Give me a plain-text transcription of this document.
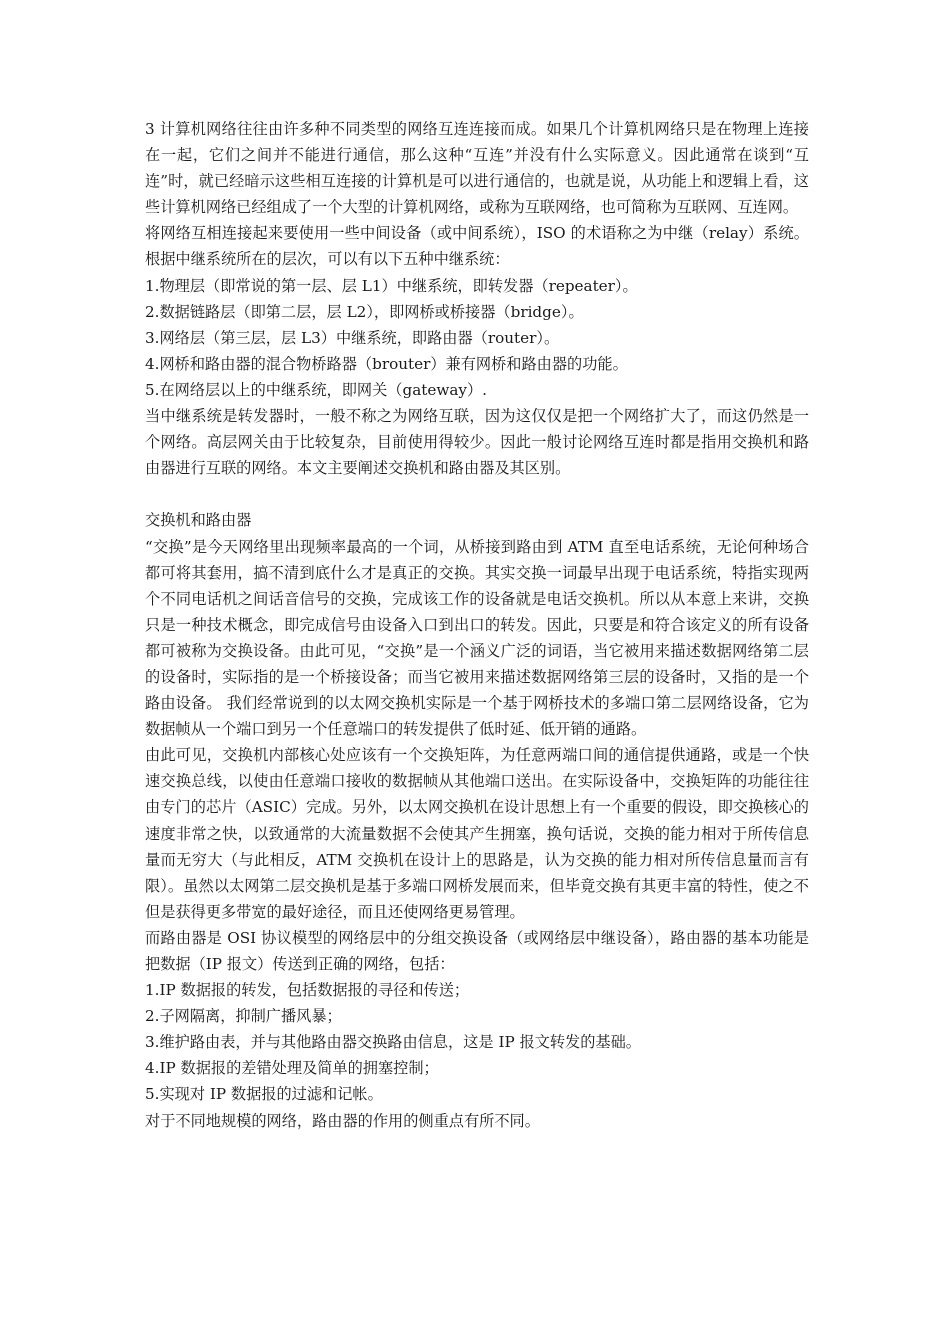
3 计算机网络往往由许多种不同类型的网络互连连接而成。如果几个计算机网络只是在物理上连接在一起，它们之间并不能进行通信，那么这种“互连”并没有什么实际意义。因此通常在谈到“互连”时，就已经暗示这些相互连接的计算机是可以进行通信的，也就是说，从功能上和逻辑上看，这些计算机网络已经组成了一个大型的计算机网络，或称为互联网络，也可简称为互联网、互连网。

将网络互相连接起来要使用一些中间设备（或中间系统），ISO 的术语称之为中继（relay）系统。根据中继系统所在的层次，可以有以下五种中继系统：

1.物理层（即常说的第一层、层 L1）中继系统，即转发器（repeater）。

2.数据链路层（即第二层，层 L2），即网桥或桥接器（bridge）。

3.网络层（第三层，层 L3）中继系统，即路由器（router）。

4.网桥和路由器的混合物桥路器（brouter）兼有网桥和路由器的功能。

5.在网络层以上的中继系统，即网关（gateway）.

当中继系统是转发器时，一般不称之为网络互联，因为这仅仅是把一个网络扩大了，而这仍然是一个网络。高层网关由于比较复杂，目前使用得较少。因此一般讨论网络互连时都是指用交换机和路由器进行互联的网络。本文主要阐述交换机和路由器及其区别。

交换机和路由器

“交换”是今天网络里出现频率最高的一个词，从桥接到路由到 ATM 直至电话系统，无论何种场合都可将其套用，搞不清到底什么才是真正的交换。其实交换一词最早出现于电话系统，特指实现两个不同电话机之间话音信号的交换，完成该工作的设备就是电话交换机。所以从本意上来讲，交换只是一种技术概念，即完成信号由设备入口到出口的转发。因此，只要是和符合该定义的所有设备都可被称为交换设备。由此可见，“交换”是一个涵义广泛的词语，当它被用来描述数据网络第二层的设备时，实际指的是一个桥接设备；而当它被用来描述数据网络第三层的设备时，又指的是一个路由设备。 我们经常说到的以太网交换机实际是一个基于网桥技术的多端口第二层网络设备，它为数据帧从一个端口到另一个任意端口的转发提供了低时延、低开销的通路。

由此可见，交换机内部核心处应该有一个交换矩阵，为任意两端口间的通信提供通路，或是一个快速交换总线，以使由任意端口接收的数据帧从其他端口送出。在实际设备中，交换矩阵的功能往往由专门的芯片（ASIC）完成。另外，以太网交换机在设计思想上有一个重要的假设，即交换核心的速度非常之快，以致通常的大流量数据不会使其产生拥塞，换句话说，交换的能力相对于所传信息量而无穷大（与此相反，ATM 交换机在设计上的思路是，认为交换的能力相对所传信息量而言有限）。虽然以太网第二层交换机是基于多端口网桥发展而来，但毕竟交换有其更丰富的特性，使之不但是获得更多带宽的最好途径，而且还使网络更易管理。

而路由器是 OSI 协议模型的网络层中的分组交换设备（或网络层中继设备），路由器的基本功能是把数据（IP 报文）传送到正确的网络，包括：

1.IP 数据报的转发，包括数据报的寻径和传送；

2.子网隔离，抑制广播风暴；

3.维护路由表，并与其他路由器交换路由信息，这是 IP 报文转发的基础。

4.IP 数据报的差错处理及简单的拥塞控制；

5.实现对 IP 数据报的过滤和记帐。

对于不同地规模的网络，路由器的作用的侧重点有所不同。
